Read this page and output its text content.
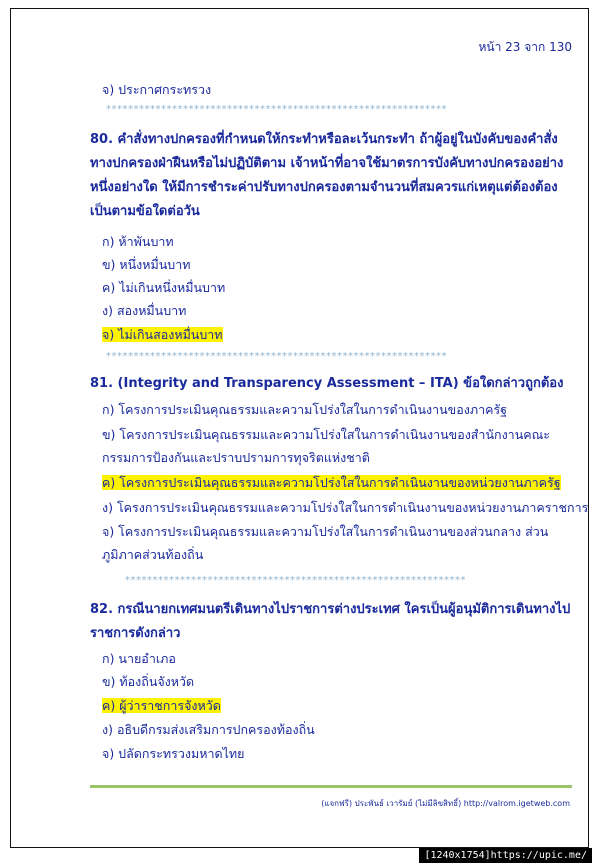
หน้า 23 จาก 130
จ) ประกาศกระทรวง
**************************************************************
80. คำสั่งทางปกครองที่กำหนดให้กระทำหรือละเว้นกระทำ ถ้าผู้อยู่ในบังคับของคำสั่งทางปกครองฝ่าฝืนหรือไม่ปฏิบัติตาม เจ้าหน้าที่อาจใช้มาตรการบังคับทางปกครองอย่างหนึ่งอย่างใด ให้มีการชำระค่าปรับทางปกครองตามจำนวนที่สมควรแก่เหตุแต่ต้องต้องเป็นตามข้อใดต่อวัน
ก) ห้าพันบาท
ข) หนึ่งหมื่นบาท
ค) ไม่เกินหนึ่งหมื่นบาท
ง) สองหมื่นบาท
จ) ไม่เกินสองหมื่นบาท
**************************************************************
81. (Integrity and Transparency Assessment – ITA) ข้อใดกล่าวถูกต้อง
ก) โครงการประเมินคุณธรรมและความโปร่งใสในการดำเนินงานของภาครัฐ
ข) โครงการประเมินคุณธรรมและความโปร่งใสในการดำเนินงานของสำนักงานคณะกรรมการป้องกันและปราบปรามการทุจริตแห่งชาติ
ค) โครงการประเมินคุณธรรมและความโปร่งใสในการดำเนินงานของหน่วยงานภาครัฐ
ง) โครงการประเมินคุณธรรมและความโปร่งใสในการดำเนินงานของหน่วยงานภาคราชการ
จ) โครงการประเมินคุณธรรมและความโปร่งใสในการดำเนินงานของส่วนกลาง ส่วนภูมิภาคส่วนท้องถิ่น
**************************************************************
82. กรณีนายกเทศมนตรีเดินทางไปราชการต่างประเทศ ใครเป็นผู้อนุมัติการเดินทางไปราชการดังกล่าว
ก) นายอำเภอ
ข) ท้องถิ่นจังหวัด
ค) ผู้ว่าราชการจังหวัด
ง) อธิบดีกรมส่งเสริมการปกครองท้องถิ่น
จ) ปลัดกระทรวงมหาดไทย
(แจกฟรี) ประพันธ์ เวารัมย์ (ไม่มีลิขสิทธิ์) http://valrom.igetweb.com
[1240x1754]https://upic.me/
